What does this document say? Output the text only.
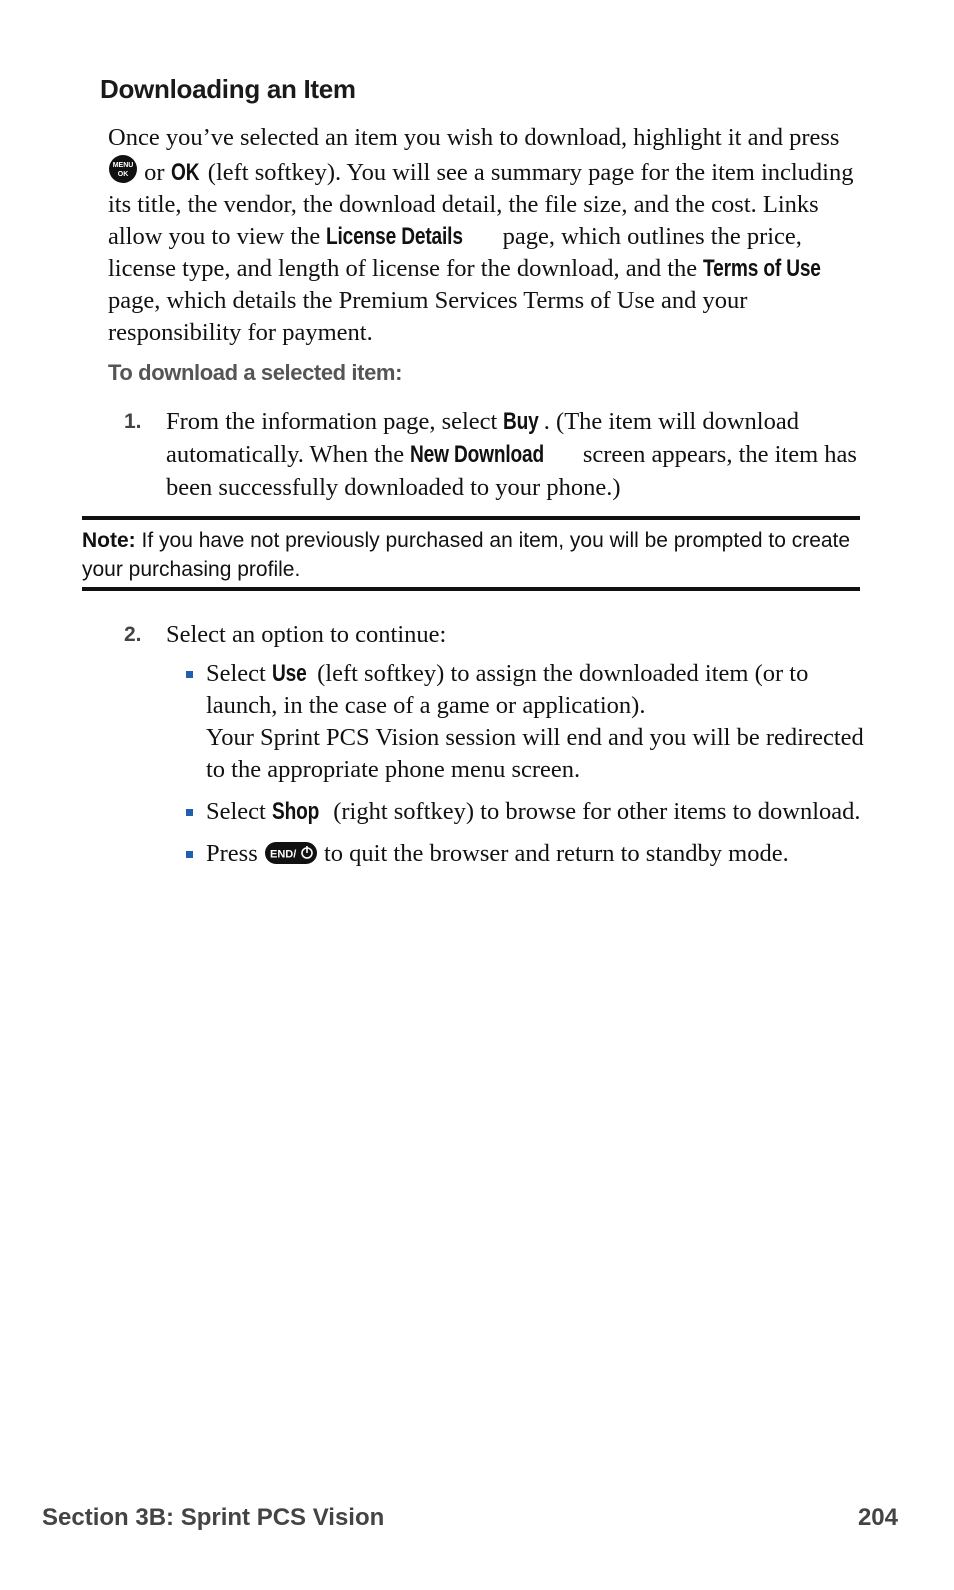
Downloading an Item
Once you’ve selected an item you wish to download, highlight it and press
MENU
OK or OK (left softkey). You will see a summary page for the item including its title, the vendor, the download detail, the file size, and the cost. Links allow you to view the License Details page, which outlines the price, license type, and length of license for the download, and the Terms of Use page, which details the Premium Services Terms of Use and your responsibility for payment.
To download a selected item:
1. From the information page, select Buy . (The item will download automatically. When the New Download screen appears, the item has been successfully downloaded to your phone.)
Note: If you have not previously purchased an item, you will be prompted to create your purchasing profile.
2. Select an option to continue:
Select Use (left softkey) to assign the downloaded item (or to launch, in the case of a game or application).
Your Sprint PCS Vision session will end and you will be redirected to the appropriate phone menu screen.
Select Shop (right softkey) to browse for other items to download.
Press END/ to quit the browser and return to standby mode.
Section 3B: Sprint PCS Vision	204
